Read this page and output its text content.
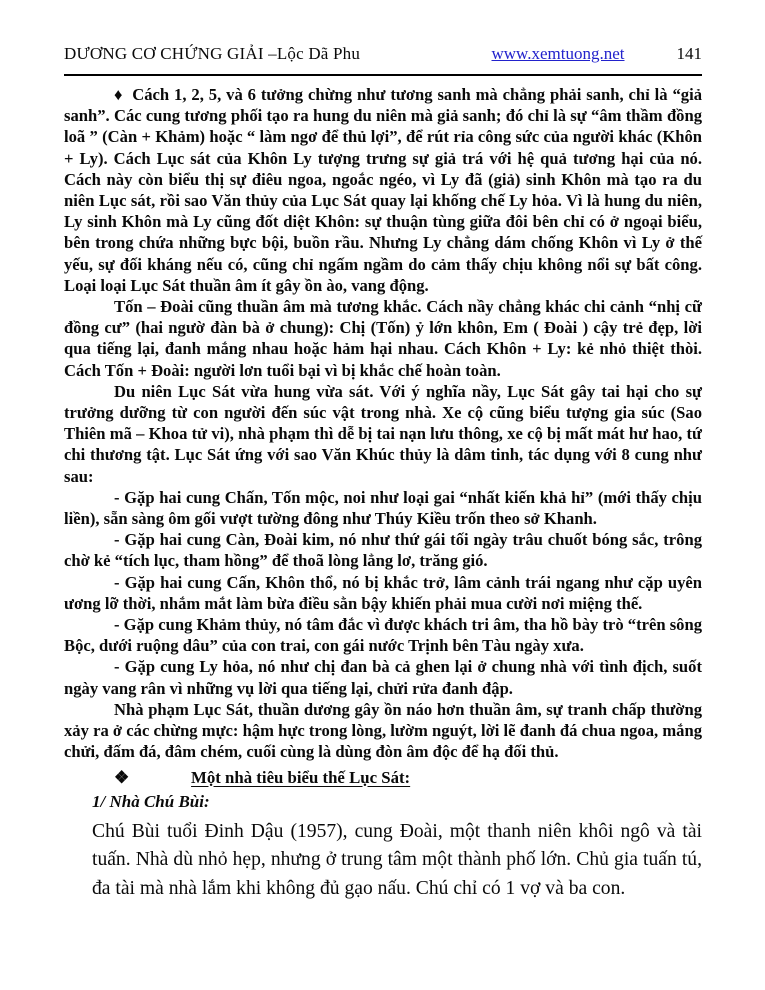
DƯƠNG CƠ CHỨNG GIẢI –Lộc Dã Phu	www.xemtuong.net	141

♦ Cách 1, 2, 5, và 6 tưởng chừng như tương sanh mà chẳng phải sanh, chỉ là “giả sanh”. Các cung tương phối tạo ra hung du niên mà giả sanh; đó chỉ là sự “âm thầm đồng loã ” (Càn + Khảm) hoặc “ làm ngơ để thủ lợi”, để rút rỉa công sức của người khác (Khôn + Ly). Cách Lục sát của Khôn Ly tượng trưng sự giả trá với hệ quả tương hại của nó. Cách này còn biểu thị sự điêu ngoa, ngoắc ngéo, vì Ly đã (giả) sinh Khôn mà tạo ra du niên Lục sát, rồi sao Văn thủy của Lục Sát quay lại khống chế Ly hỏa. Vì là hung du niên, Ly sinh Khôn mà Ly cũng đốt diệt Khôn: sự thuận tùng giữa đôi bên chỉ có ở ngoại biểu, bên trong chứa những bực bội, buồn rầu. Nhưng Ly chẳng dám chống Khôn vì Ly ở thế yếu, sự đối kháng nếu có, cũng chỉ ngấm ngầm do cảm thấy chịu không nổi sự bất công. Loại loại Lục Sát thuần âm ít gây ồn ào, vang động.

Tốn – Đoài cũng thuần âm mà tương khắc. Cách nầy chẳng khác chi cảnh “nhị cữ đồng cư” (hai ngườ đàn bà ở chung): Chị (Tốn) ỷ lớn khôn, Em ( Đoài ) cậy trẻ đẹp, lời qua tiếng lại, đanh mắng nhau hoặc hảm hại nhau. Cách Khôn + Ly: kẻ nhỏ thiệt thòi. Cách Tốn + Đoài: người lơn tuổi bại vì bị khắc chế hoàn toàn.

Du niên Lục Sát vừa hung vừa sát. Với ý nghĩa nầy, Lục Sát gây tai hại cho sự trưởng dưỡng từ con người đến súc vật trong nhà. Xe cộ cũng biểu tượng gia súc (Sao Thiên mã – Khoa tử vi), nhà phạm thì dễ bị tai nạn lưu thông, xe cộ bị mất mát hư hao, tứ chi thương tật. Lục Sát ứng với sao Văn Khúc thủy là dâm tinh, tác dụng với 8 cung như sau:

- Gặp hai cung Chấn, Tốn mộc, noi như loại gai “nhất kiến khả hỉ” (mới thấy chịu liền), sẵn sàng ôm gối vượt tường đông như Thúy Kiều trốn theo sở Khanh.

- Gặp hai cung Càn, Đoài kim, nó như thứ gái tối ngày trâu chuốt bóng sắc, trông chờ kẻ “tích lục, tham hồng” để thoã lòng lẳng lơ, trăng gió.

- Gặp hai cung Cấn, Khôn thổ, nó bị khắc trở, lâm cảnh trái ngang như cặp uyên ương lỡ thời, nhắm mắt làm bừa điều sằn bậy khiến phải mua cười nơi miệng thế.

- Gặp cung Khảm thủy, nó tâm đắc vì được khách tri âm, tha hồ bày trò “trên sông Bộc, dưới ruộng dâu” của con trai, con gái nước Trịnh bên Tàu ngày xưa.

- Gặp cung Ly hỏa, nó như chị đan bà cả ghen lại ở chung nhà với tình địch, suốt ngày vang rân vì những vụ lời qua tiếng lại, chửi rửa đanh đập.

Nhà phạm Lục Sát, thuần dương gây ồn náo hơn thuần âm, sự tranh chấp thường xảy ra ở các chừng mực: hậm hực trong lòng, lườm nguýt, lời lẽ đanh đá chua ngoa, mắng chửi, đấm đá, đâm chém, cuối cùng là dùng đòn âm độc để hạ đối thủ.

❖	Một nhà tiêu biểu thế Lục Sát:

1/ Nhà Chú Bùi:

Chú Bùi tuổi Đinh Dậu (1957), cung Đoài, một thanh niên khôi ngô và tài tuấn. Nhà dù nhỏ hẹp, nhưng ở trung tâm một thành phố lớn. Chủ gia tuấn tú, đa tài mà nhà lắm khi không đủ gạo nấu. Chú chỉ có 1 vợ và ba con.
